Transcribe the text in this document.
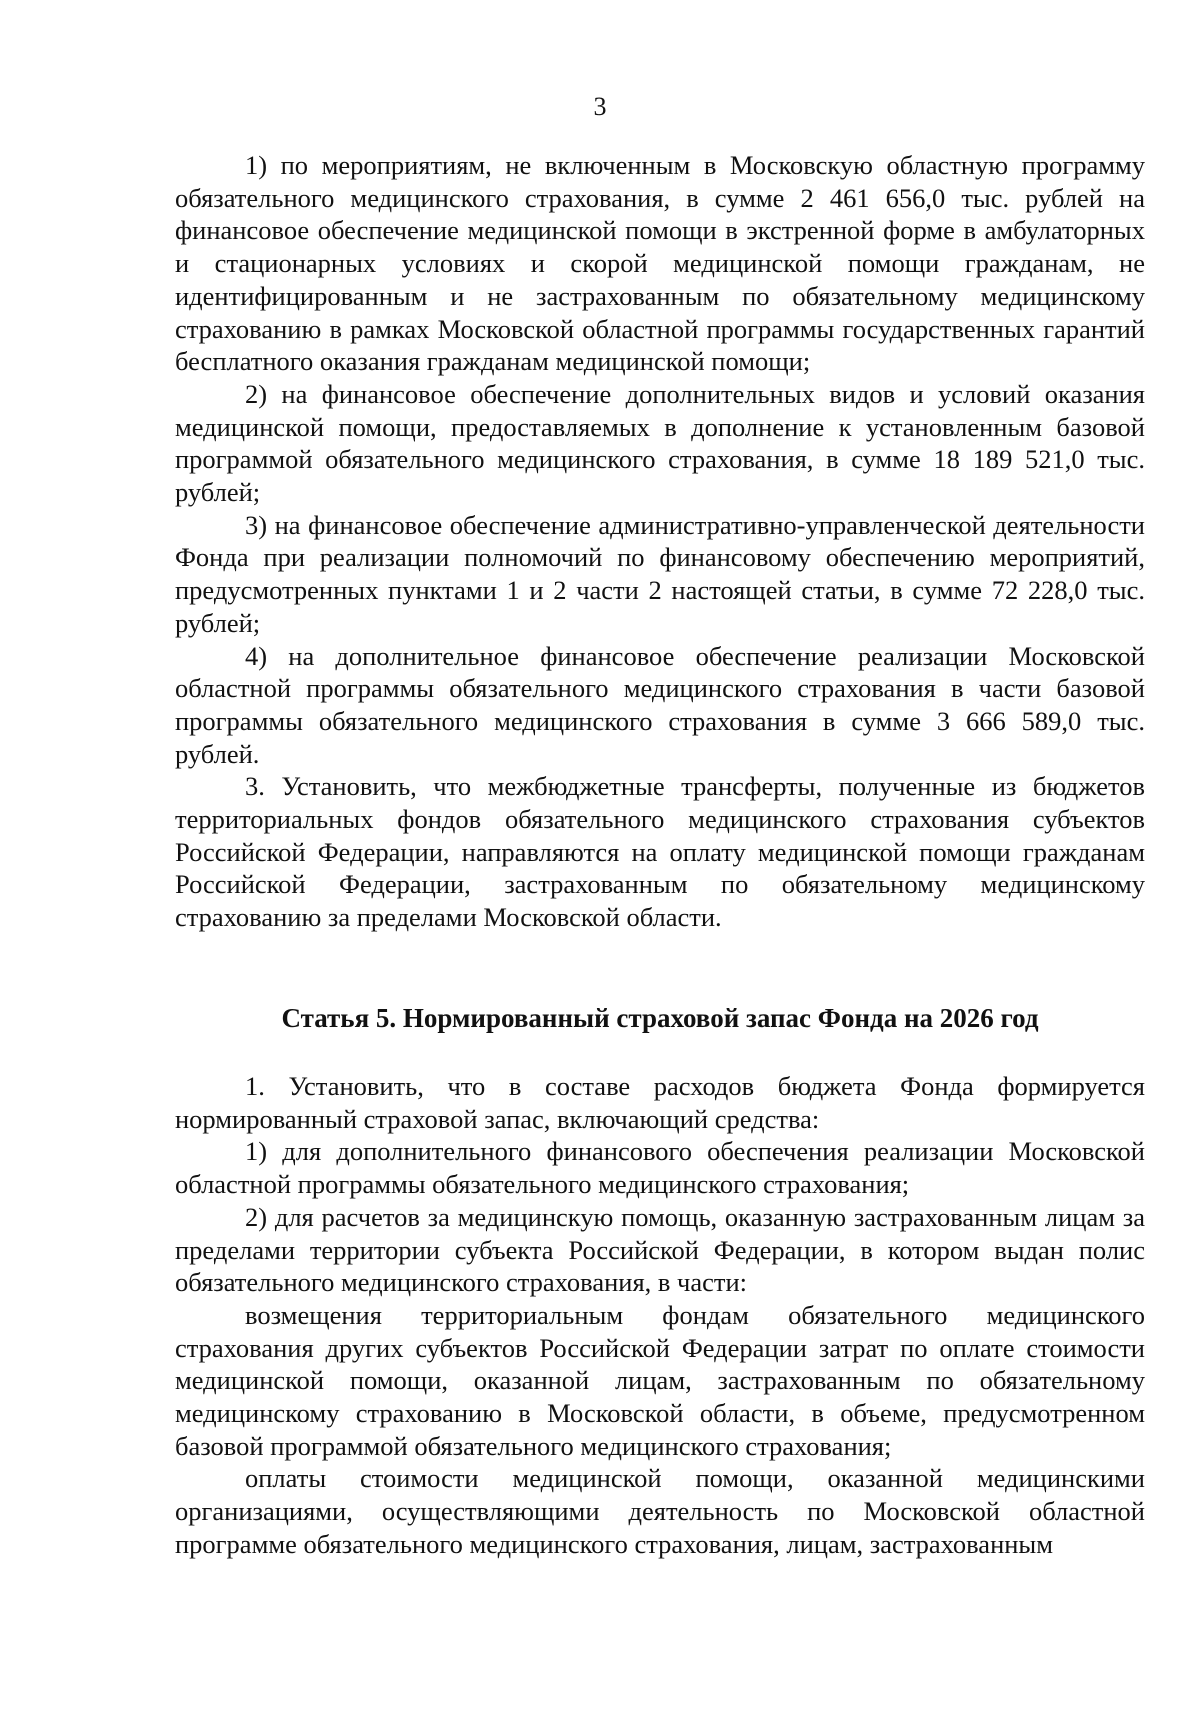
3

1) по мероприятиям, не включенным в Московскую областную программу обязательного медицинского страхования, в сумме 2 461 656,0 тыс. рублей на финансовое обеспечение медицинской помощи в экстренной форме в амбулаторных и стационарных условиях и скорой медицинской помощи гражданам, не идентифицированным и не застрахованным по обязательному медицинскому страхованию в рамках Московской областной программы государственных гарантий бесплатного оказания гражданам медицинской помощи;

2) на финансовое обеспечение дополнительных видов и условий оказания медицинской помощи, предоставляемых в дополнение к установленным базовой программой обязательного медицинского страхования, в сумме 18 189 521,0 тыс. рублей;

3) на финансовое обеспечение административно-управленческой деятельности Фонда при реализации полномочий по финансовому обеспечению мероприятий, предусмотренных пунктами 1 и 2 части 2 настоящей статьи, в сумме 72 228,0 тыс. рублей;

4) на дополнительное финансовое обеспечение реализации Московской областной программы обязательного медицинского страхования в части базовой программы обязательного медицинского страхования в сумме 3 666 589,0 тыс. рублей.

3. Установить, что межбюджетные трансферты, полученные из бюджетов территориальных фондов обязательного медицинского страхования субъектов Российской Федерации, направляются на оплату медицинской помощи гражданам Российской Федерации, застрахованным по обязательному медицинскому страхованию за пределами Московской области.

Статья 5. Нормированный страховой запас Фонда на 2026 год

1. Установить, что в составе расходов бюджета Фонда формируется нормированный страховой запас, включающий средства:

1) для дополнительного финансового обеспечения реализации Московской областной программы обязательного медицинского страхования;

2) для расчетов за медицинскую помощь, оказанную застрахованным лицам за пределами территории субъекта Российской Федерации, в котором выдан полис обязательного медицинского страхования, в части:

возмещения территориальным фондам обязательного медицинского страхования других субъектов Российской Федерации затрат по оплате стоимости медицинской помощи, оказанной лицам, застрахованным по обязательному медицинскому страхованию в Московской области, в объеме, предусмотренном базовой программой обязательного медицинского страхования;

оплаты стоимости медицинской помощи, оказанной медицинскими организациями, осуществляющими деятельность по Московской областной программе обязательного медицинского страхования, лицам, застрахованным
